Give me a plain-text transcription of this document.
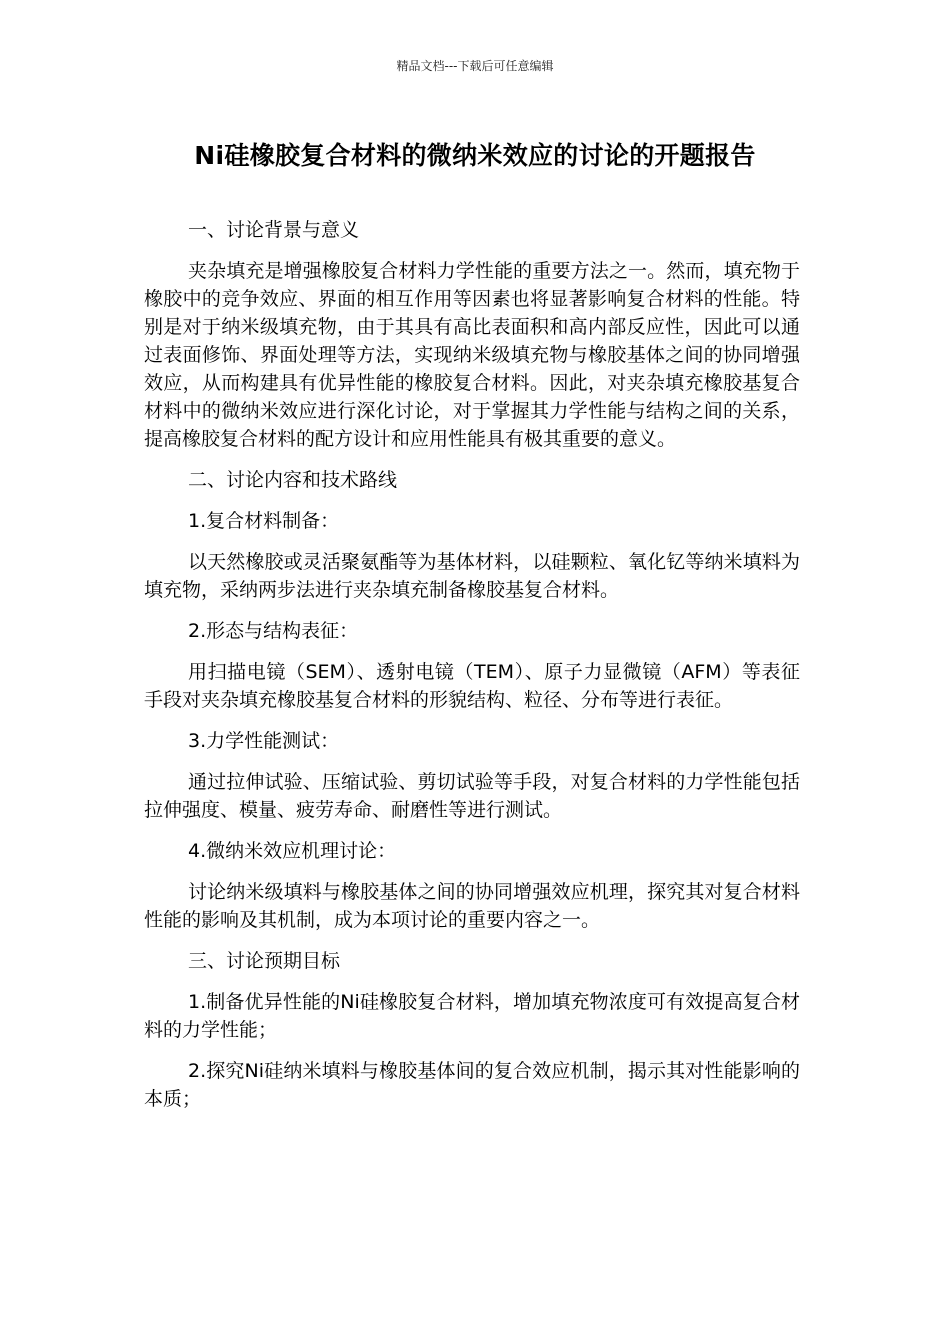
精品文档---下载后可任意编辑
Ni硅橡胶复合材料的微纳米效应的讨论的开题报告

一、讨论背景与意义

夹杂填充是增强橡胶复合材料力学性能的重要方法之一。然而，填充物于橡胶中的竞争效应、界面的相互作用等因素也将显著影响复合材料的性能。特别是对于纳米级填充物，由于其具有高比表面积和高内部反应性，因此可以通过表面修饰、界面处理等方法，实现纳米级填充物与橡胶基体之间的协同增强效应，从而构建具有优异性能的橡胶复合材料。因此，对夹杂填充橡胶基复合材料中的微纳米效应进行深化讨论，对于掌握其力学性能与结构之间的关系，提高橡胶复合材料的配方设计和应用性能具有极其重要的意义。

二、讨论内容和技术路线

1.复合材料制备：

以天然橡胶或灵活聚氨酯等为基体材料，以硅颗粒、氧化钇等纳米填料为填充物，采纳两步法进行夹杂填充制备橡胶基复合材料。

2.形态与结构表征：

用扫描电镜（SEM）、透射电镜（TEM）、原子力显微镜（AFM）等表征手段对夹杂填充橡胶基复合材料的形貌结构、粒径、分布等进行表征。

3.力学性能测试：

通过拉伸试验、压缩试验、剪切试验等手段，对复合材料的力学性能包括拉伸强度、模量、疲劳寿命、耐磨性等进行测试。

4.微纳米效应机理讨论：

讨论纳米级填料与橡胶基体之间的协同增强效应机理，探究其对复合材料性能的影响及其机制，成为本项讨论的重要内容之一。

三、讨论预期目标

1.制备优异性能的Ni硅橡胶复合材料，增加填充物浓度可有效提高复合材料的力学性能；

2.探究Ni硅纳米填料与橡胶基体间的复合效应机制，揭示其对性能影响的本质；
